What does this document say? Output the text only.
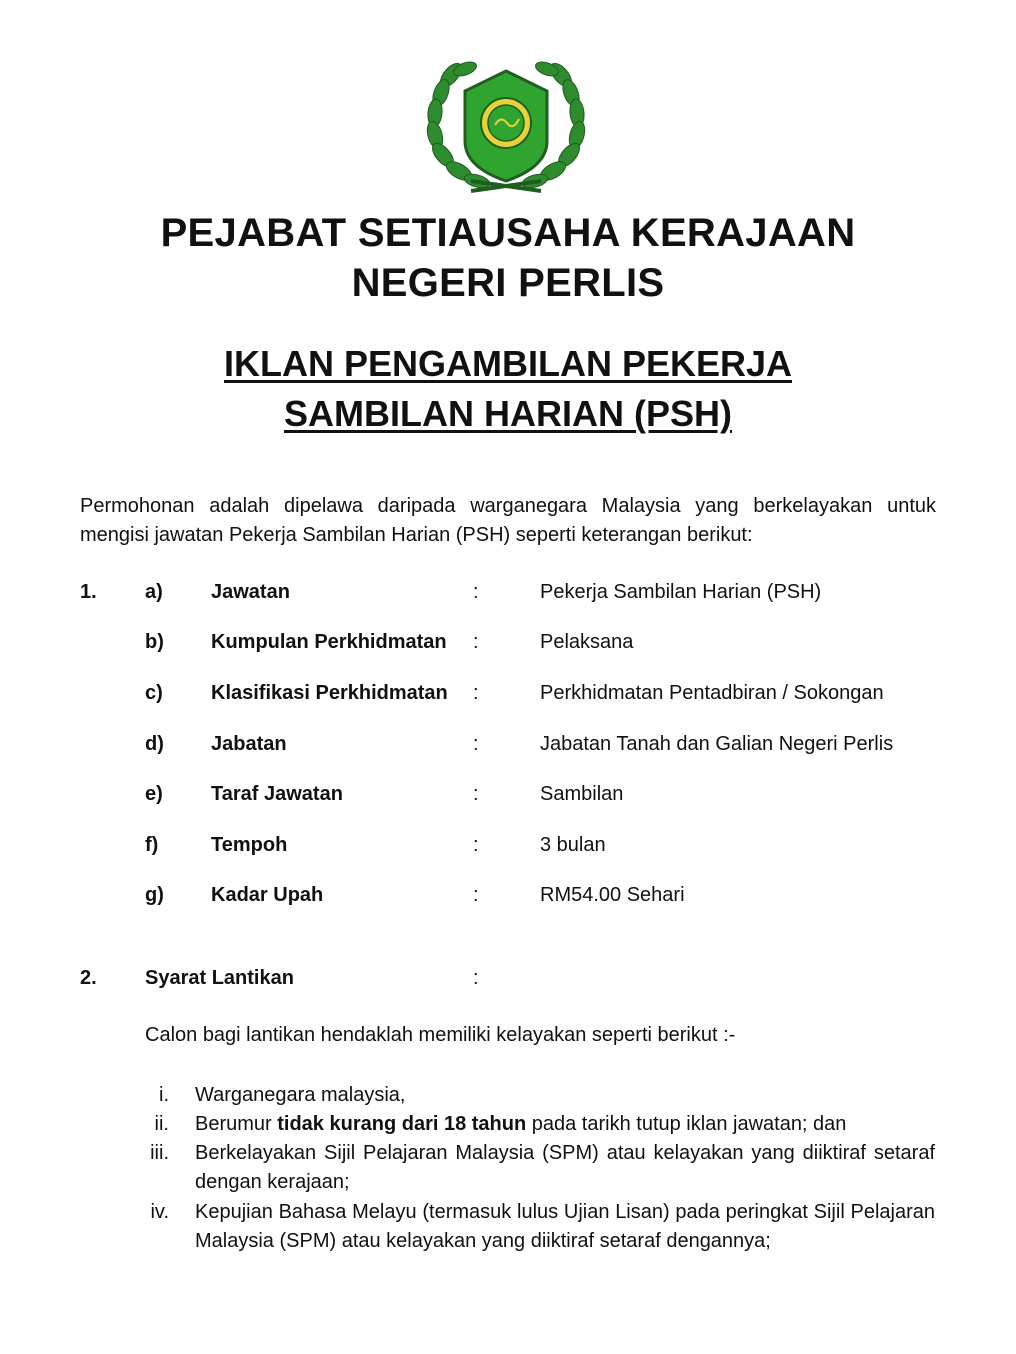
PEJABAT SETIAUSAHA KERAJAAN
NEGERI PERLIS
IKLAN PENGAMBILAN PEKERJA
SAMBILAN HARIAN (PSH)
Permohonan adalah dipelawa daripada warganegara Malaysia yang berkelayakan untuk mengisi jawatan Pekerja Sambilan Harian (PSH) seperti keterangan berikut:
1. a) Jawatan	:	Pekerja Sambilan Harian (PSH)
b) Kumpulan Perkhidmatan :	Pelaksana
c) Klasifikasi Perkhidmatan :	Perkhidmatan Pentadbiran / Sokongan
d) Jabatan	:	Jabatan Tanah dan Galian Negeri Perlis
e) Taraf Jawatan	:	Sambilan
f)	Tempoh	:	3 bulan
g) Kadar Upah	:	RM54.00 Sehari
2. Syarat Lantikan	:
Calon bagi lantikan hendaklah memiliki kelayakan seperti berikut :-
i. Warganegara malaysia,
ii. Berumur tidak kurang dari 18 tahun pada tarikh tutup iklan jawatan; dan
iii. Berkelayakan Sijil Pelajaran Malaysia (SPM) atau kelayakan yang diiktiraf setaraf dengan kerajaan;
iv. Kepujian Bahasa Melayu (termasuk lulus Ujian Lisan) pada peringkat Sijil Pelajaran Malaysia (SPM) atau kelayakan yang diiktiraf setaraf dengannya;
